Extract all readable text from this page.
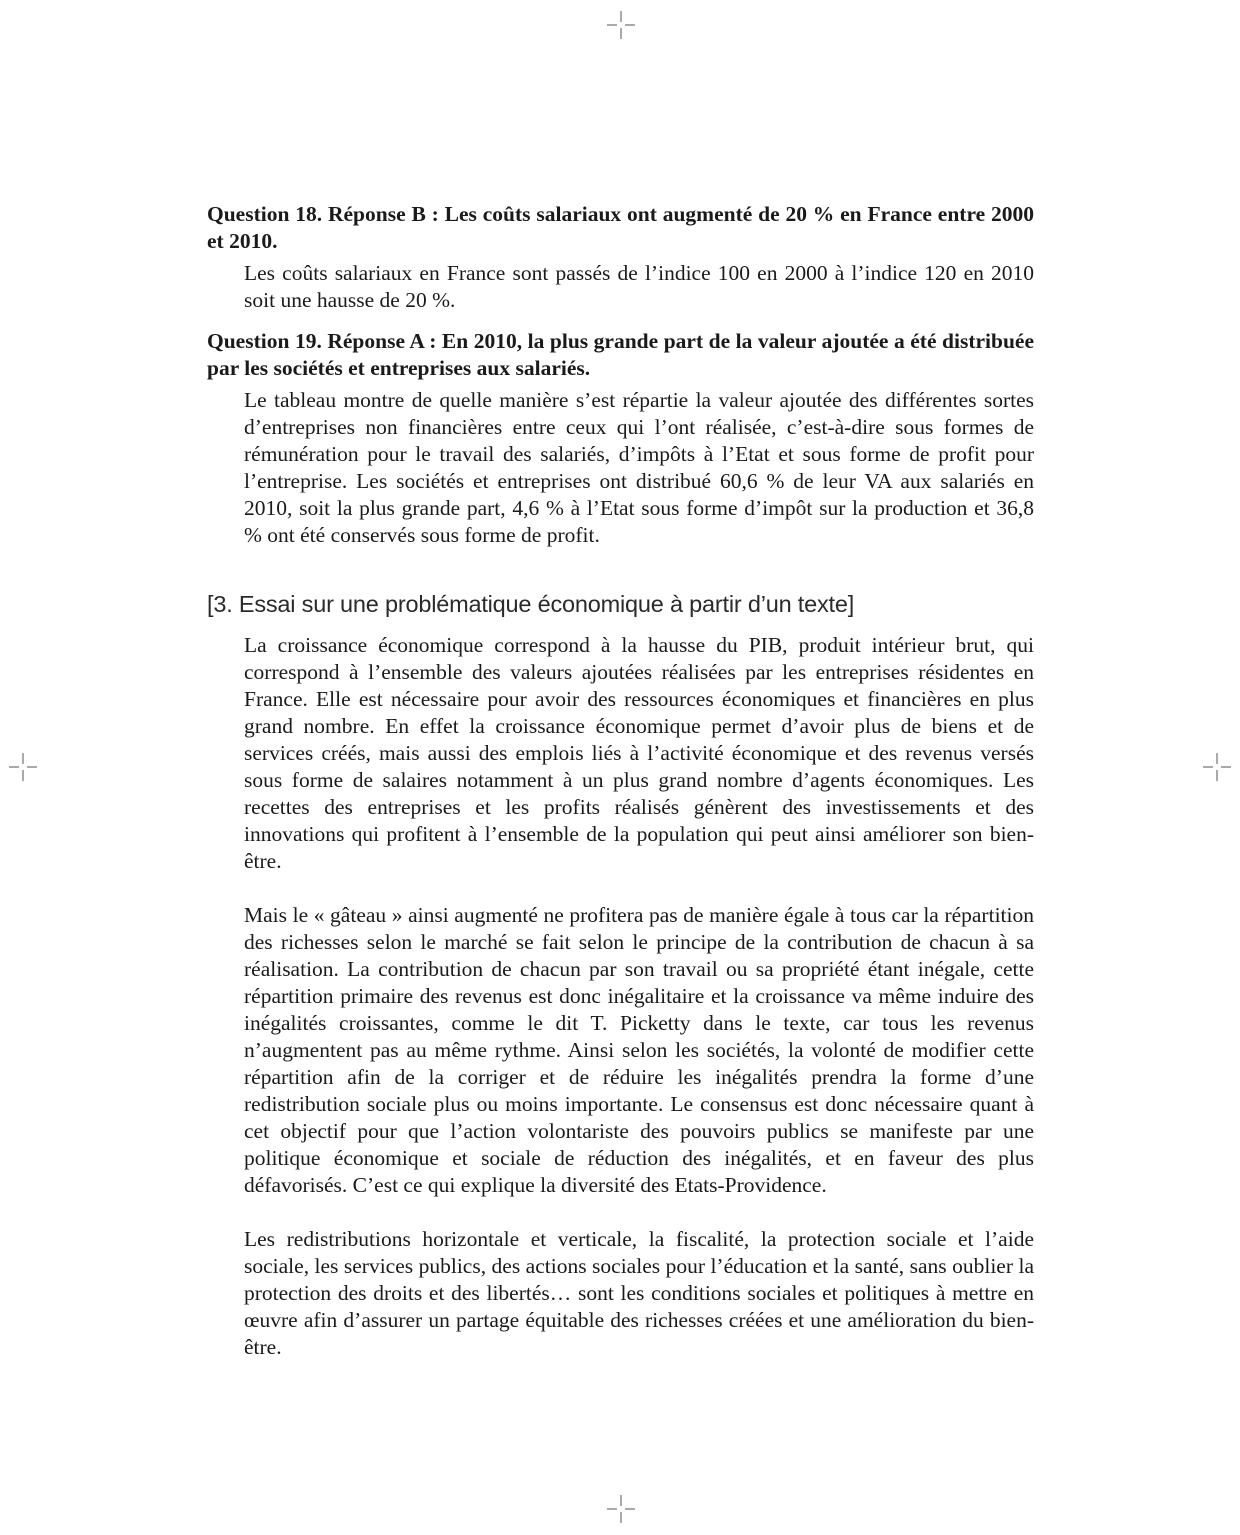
Question 18. Réponse B : Les coûts salariaux ont augmenté de 20 % en France entre 2000 et 2010.

Les coûts salariaux en France sont passés de l’indice 100 en 2000 à l’indice 120 en 2010 soit une hausse de 20 %.

Question 19. Réponse A : En 2010, la plus grande part de la valeur ajoutée a été distribuée par les sociétés et entreprises aux salariés.

Le tableau montre de quelle manière s’est répartie la valeur ajoutée des différentes sortes d’entreprises non financières entre ceux qui l’ont réalisée, c’est-à-dire sous formes de rémunération pour le travail des salariés, d’impôts à l’Etat et sous forme de profit pour l’entreprise. Les sociétés et entreprises ont distribué 60,6 % de leur VA aux salariés en 2010, soit la plus grande part, 4,6 % à l’Etat sous forme d’impôt sur la production et 36,8 % ont été conservés sous forme de profit.

[3. Essai sur une problématique économique à partir d’un texte]

La croissance économique correspond à la hausse du PIB, produit intérieur brut, qui correspond à l’ensemble des valeurs ajoutées réalisées par les entreprises résidentes en France. Elle est nécessaire pour avoir des ressources économiques et financières en plus grand nombre. En effet la croissance économique permet d’avoir plus de biens et de services créés, mais aussi des emplois liés à l’activité économique et des revenus versés sous forme de salaires notamment à un plus grand nombre d’agents économiques. Les recettes des entreprises et les profits réalisés génèrent des investissements et des innovations qui profitent à l’ensemble de la population qui peut ainsi améliorer son bien-être.

Mais le « gâteau » ainsi augmenté ne profitera pas de manière égale à tous car la répartition des richesses selon le marché se fait selon le principe de la contribution de chacun à sa réalisation. La contribution de chacun par son travail ou sa propriété étant inégale, cette répartition primaire des revenus est donc inégalitaire et la croissance va même induire des inégalités croissantes, comme le dit T. Picketty dans le texte, car tous les revenus n’augmentent pas au même rythme. Ainsi selon les sociétés, la volonté de modifier cette répartition afin de la corriger et de réduire les inégalités prendra la forme d’une redistribution sociale plus ou moins importante. Le consensus est donc nécessaire quant à cet objectif pour que l’action volontariste des pouvoirs publics se manifeste par une politique économique et sociale de réduction des inégalités, et en faveur des plus défavorisés. C’est ce qui explique la diversité des Etats-Providence.

Les redistributions horizontale et verticale, la fiscalité, la protection sociale et l’aide sociale, les services publics, des actions sociales pour l’éducation et la santé, sans oublier la protection des droits et des libertés… sont les conditions sociales et politiques à mettre en œuvre afin d’assurer un partage équitable des richesses créées et une amélioration du bien-être.
